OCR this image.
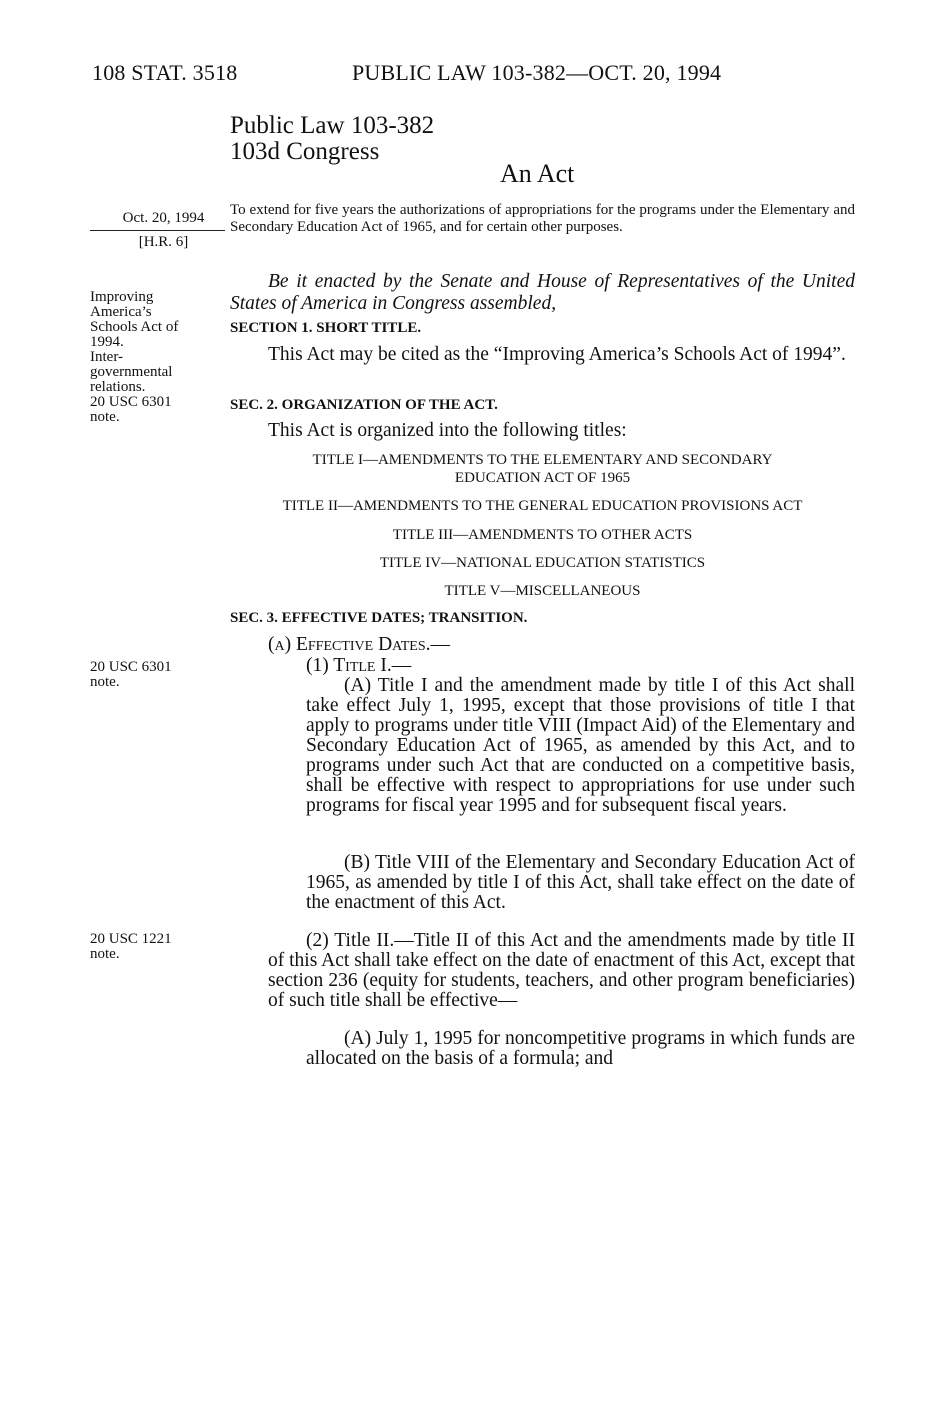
108 STAT. 3518	PUBLIC LAW 103-382—OCT. 20, 1994
Public Law 103-382
103d Congress
An Act
Oct. 20, 1994
[H.R. 6]
To extend for five years the authorizations of appropriations for the programs under the Elementary and Secondary Education Act of 1965, and for certain other purposes.
Improving
America’s
Schools Act of
1994.
Inter-
governmental
relations.
20 USC 6301
note.
Be it enacted by the Senate and House of Representatives of the United States of America in Congress assembled,
SECTION 1. SHORT TITLE.
This Act may be cited as the “Improving America’s Schools Act of 1994”.
SEC. 2. ORGANIZATION OF THE ACT.
This Act is organized into the following titles:
TITLE I—AMENDMENTS TO THE ELEMENTARY AND SECONDARY
EDUCATION ACT OF 1965
TITLE II—AMENDMENTS TO THE GENERAL EDUCATION PROVISIONS ACT
TITLE III—AMENDMENTS TO OTHER ACTS
TITLE IV—NATIONAL EDUCATION STATISTICS
TITLE V—MISCELLANEOUS
SEC. 3. EFFECTIVE DATES; TRANSITION.
(a) Effective Dates.—
20 USC 6301
note.
(1) Title I.—
(A) Title I and the amendment made by title I of this Act shall take effect July 1, 1995, except that those provisions of title I that apply to programs under title VIII (Impact Aid) of the Elementary and Secondary Education Act of 1965, as amended by this Act, and to programs under such Act that are conducted on a competitive basis, shall be effective with respect to appropriations for use under such programs for fiscal year 1995 and for subsequent fiscal years.
(B) Title VIII of the Elementary and Secondary Education Act of 1965, as amended by title I of this Act, shall take effect on the date of the enactment of this Act.
20 USC 1221
note.
(2) Title II.—Title II of this Act and the amendments made by title II of this Act shall take effect on the date of enactment of this Act, except that section 236 (equity for students, teachers, and other program beneficiaries) of such title shall be effective—
(A) July 1, 1995 for noncompetitive programs in which funds are allocated on the basis of a formula; and
